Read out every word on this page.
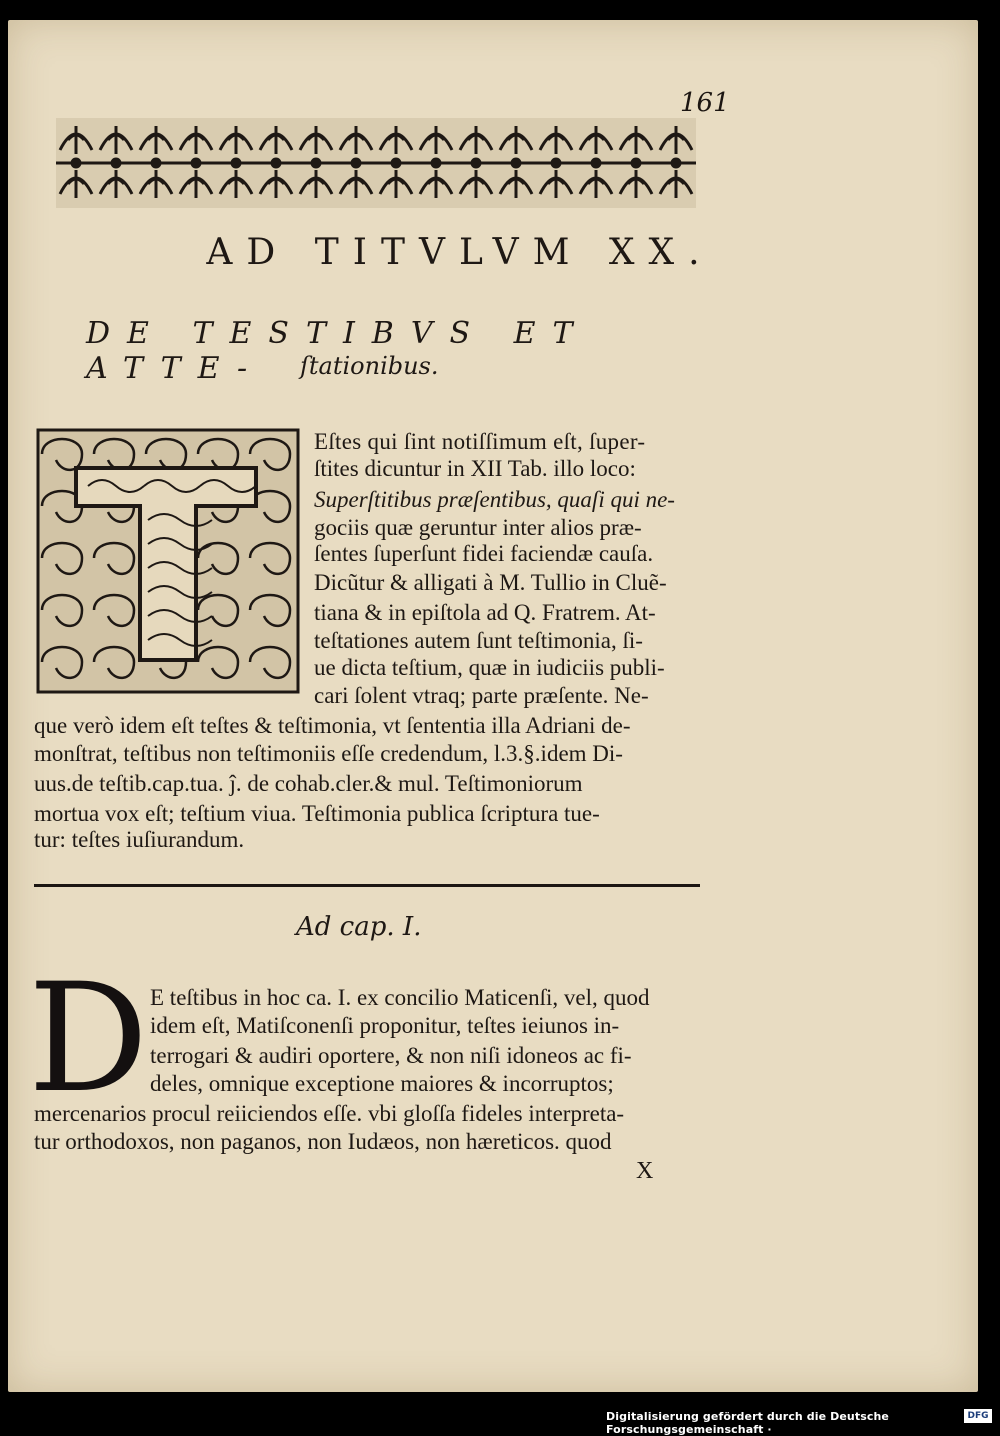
161
AD TITVLVM XX.
DE TESTIBVS ET ATTE-	ſtationibus.
Eſtes qui ſint notiſſimum eſt, ſuper-
ſtites dicuntur in XII Tab. illo loco:
Superſtitibus præſentibus, quaſi qui ne-
gociis quæ geruntur inter alios præ-
ſentes ſuperſunt fidei faciendæ cauſa.
Dicũtur & alligati à M. Tullio in Cluẽ-
tiana & in epiſtola ad Q. Fratrem. At-
teſtationes autem ſunt teſtimonia, ſi-
ue dicta teſtium, quæ in iudiciis publi-
cari ſolent vtraq; parte præſente. Ne-
que verò idem eſt teſtes & teſtimonia, vt ſententia illa Adriani de-
monſtrat, teſtibus non teſtimoniis eſſe credendum, l.3.§.idem Di-
uus.de teſtib.cap.tua. ĵ. de cohab.cler.& mul. Teſtimoniorum
mortua vox eſt; teſtium viua. Teſtimonia publica ſcriptura tue-
tur: teſtes iuſiurandum.
Ad cap. I.
D E teſtibus in hoc ca. I. ex concilio Maticenſi, vel, quod
idem eſt, Matiſconenſi proponitur, teſtes ieiunos in-
terrogari & audiri oportere, & non niſi idoneos ac fi-
deles, omnique exceptione maiores & incorruptos;
mercenarios procul reiiciendos eſſe. vbi gloſſa fideles interpreta-
tur orthodoxos, non paganos, non Iudæos, non hæreticos. quod
X
Digitalisierung gefördert durch die Deutsche Forschungsgemeinschaft ·
DFG
